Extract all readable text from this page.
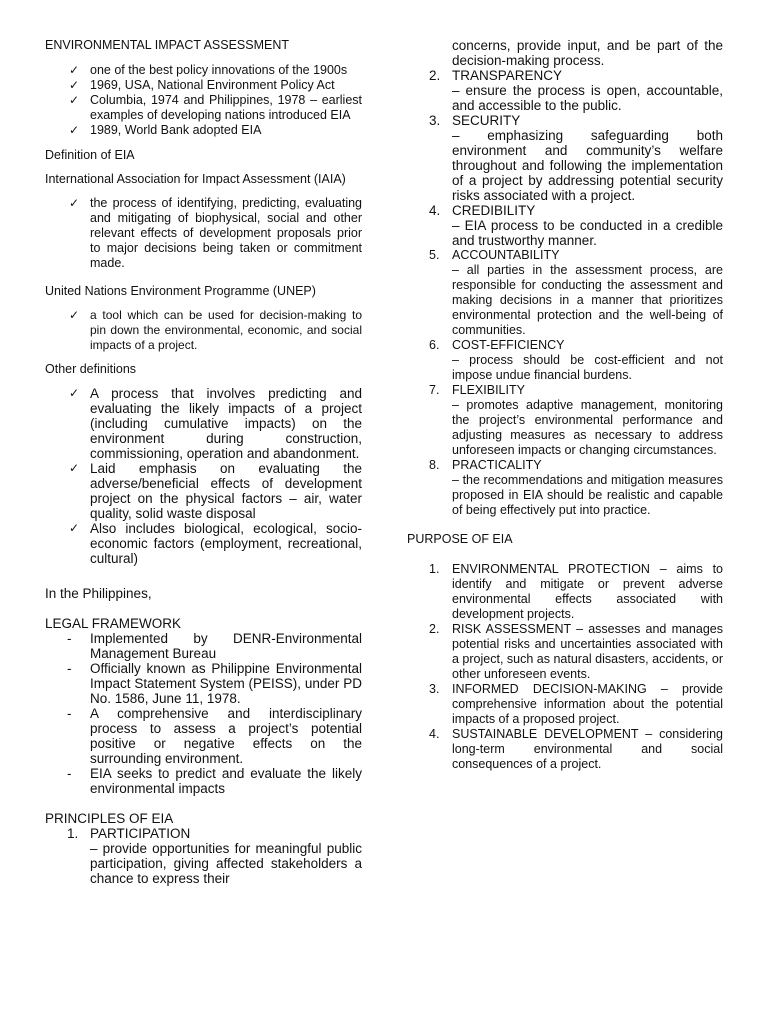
ENVIRONMENTAL IMPACT ASSESSMENT

✓ one of the best policy innovations of the 1900s
✓ 1969, USA, National Environment Policy Act
✓ Columbia, 1974 and Philippines, 1978 – earliest examples of developing nations introduced EIA
✓ 1989, World Bank adopted EIA

Definition of EIA

International Association for Impact Assessment (IAIA)

✓ the process of identifying, predicting, evaluating and mitigating of biophysical, social and other relevant effects of development proposals prior to major decisions being taken or commitment made.

United Nations Environment Programme (UNEP)

✓ a tool which can be used for decision-making to pin down the environmental, economic, and social impacts of a project.

Other definitions

✓ A process that involves predicting and evaluating the likely impacts of a project (including cumulative impacts) on the environment during construction, commissioning, operation and abandonment.
✓ Laid emphasis on evaluating the adverse/beneficial effects of development project on the physical factors – air, water quality, solid waste disposal
✓ Also includes biological, ecological, socio-economic factors (employment, recreational, cultural)

In the Philippines,

LEGAL FRAMEWORK

- Implemented by DENR-Environmental Management Bureau
- Officially known as Philippine Environmental Impact Statement System (PEISS), under PD No. 1586, June 11, 1978.
- A comprehensive and interdisciplinary process to assess a project’s potential positive or negative effects on the surrounding environment.
- EIA seeks to predict and evaluate the likely environmental impacts

PRINCIPLES OF EIA

1. PARTICIPATION
– provide opportunities for meaningful public participation, giving affected stakeholders a chance to express their
concerns, provide input, and be part of the decision-making process.
2. TRANSPARENCY
– ensure the process is open, accountable, and accessible to the public.
3. SECURITY
– emphasizing safeguarding both environment and community’s welfare throughout and following the implementation of a project by addressing potential security risks associated with a project.
4. CREDIBILITY
– EIA process to be conducted in a credible and trustworthy manner.
5. ACCOUNTABILITY
– all parties in the assessment process, are responsible for conducting the assessment and making decisions in a manner that prioritizes environmental protection and the well-being of communities.
6. COST-EFFICIENCY
– process should be cost-efficient and not impose undue financial burdens.
7. FLEXIBILITY
– promotes adaptive management, monitoring the project’s environmental performance and adjusting measures as necessary to address unforeseen impacts or changing circumstances.
8. PRACTICALITY
– the recommendations and mitigation measures proposed in EIA should be realistic and capable of being effectively put into practice.

PURPOSE OF EIA

1. ENVIRONMENTAL PROTECTION – aims to identify and mitigate or prevent adverse environmental effects associated with development projects.
2. RISK ASSESSMENT – assesses and manages potential risks and uncertainties associated with a project, such as natural disasters, accidents, or other unforeseen events.
3. INFORMED DECISION-MAKING – provide comprehensive information about the potential impacts of a proposed project.
4. SUSTAINABLE DEVELOPMENT – considering long-term environmental and social consequences of a project.
